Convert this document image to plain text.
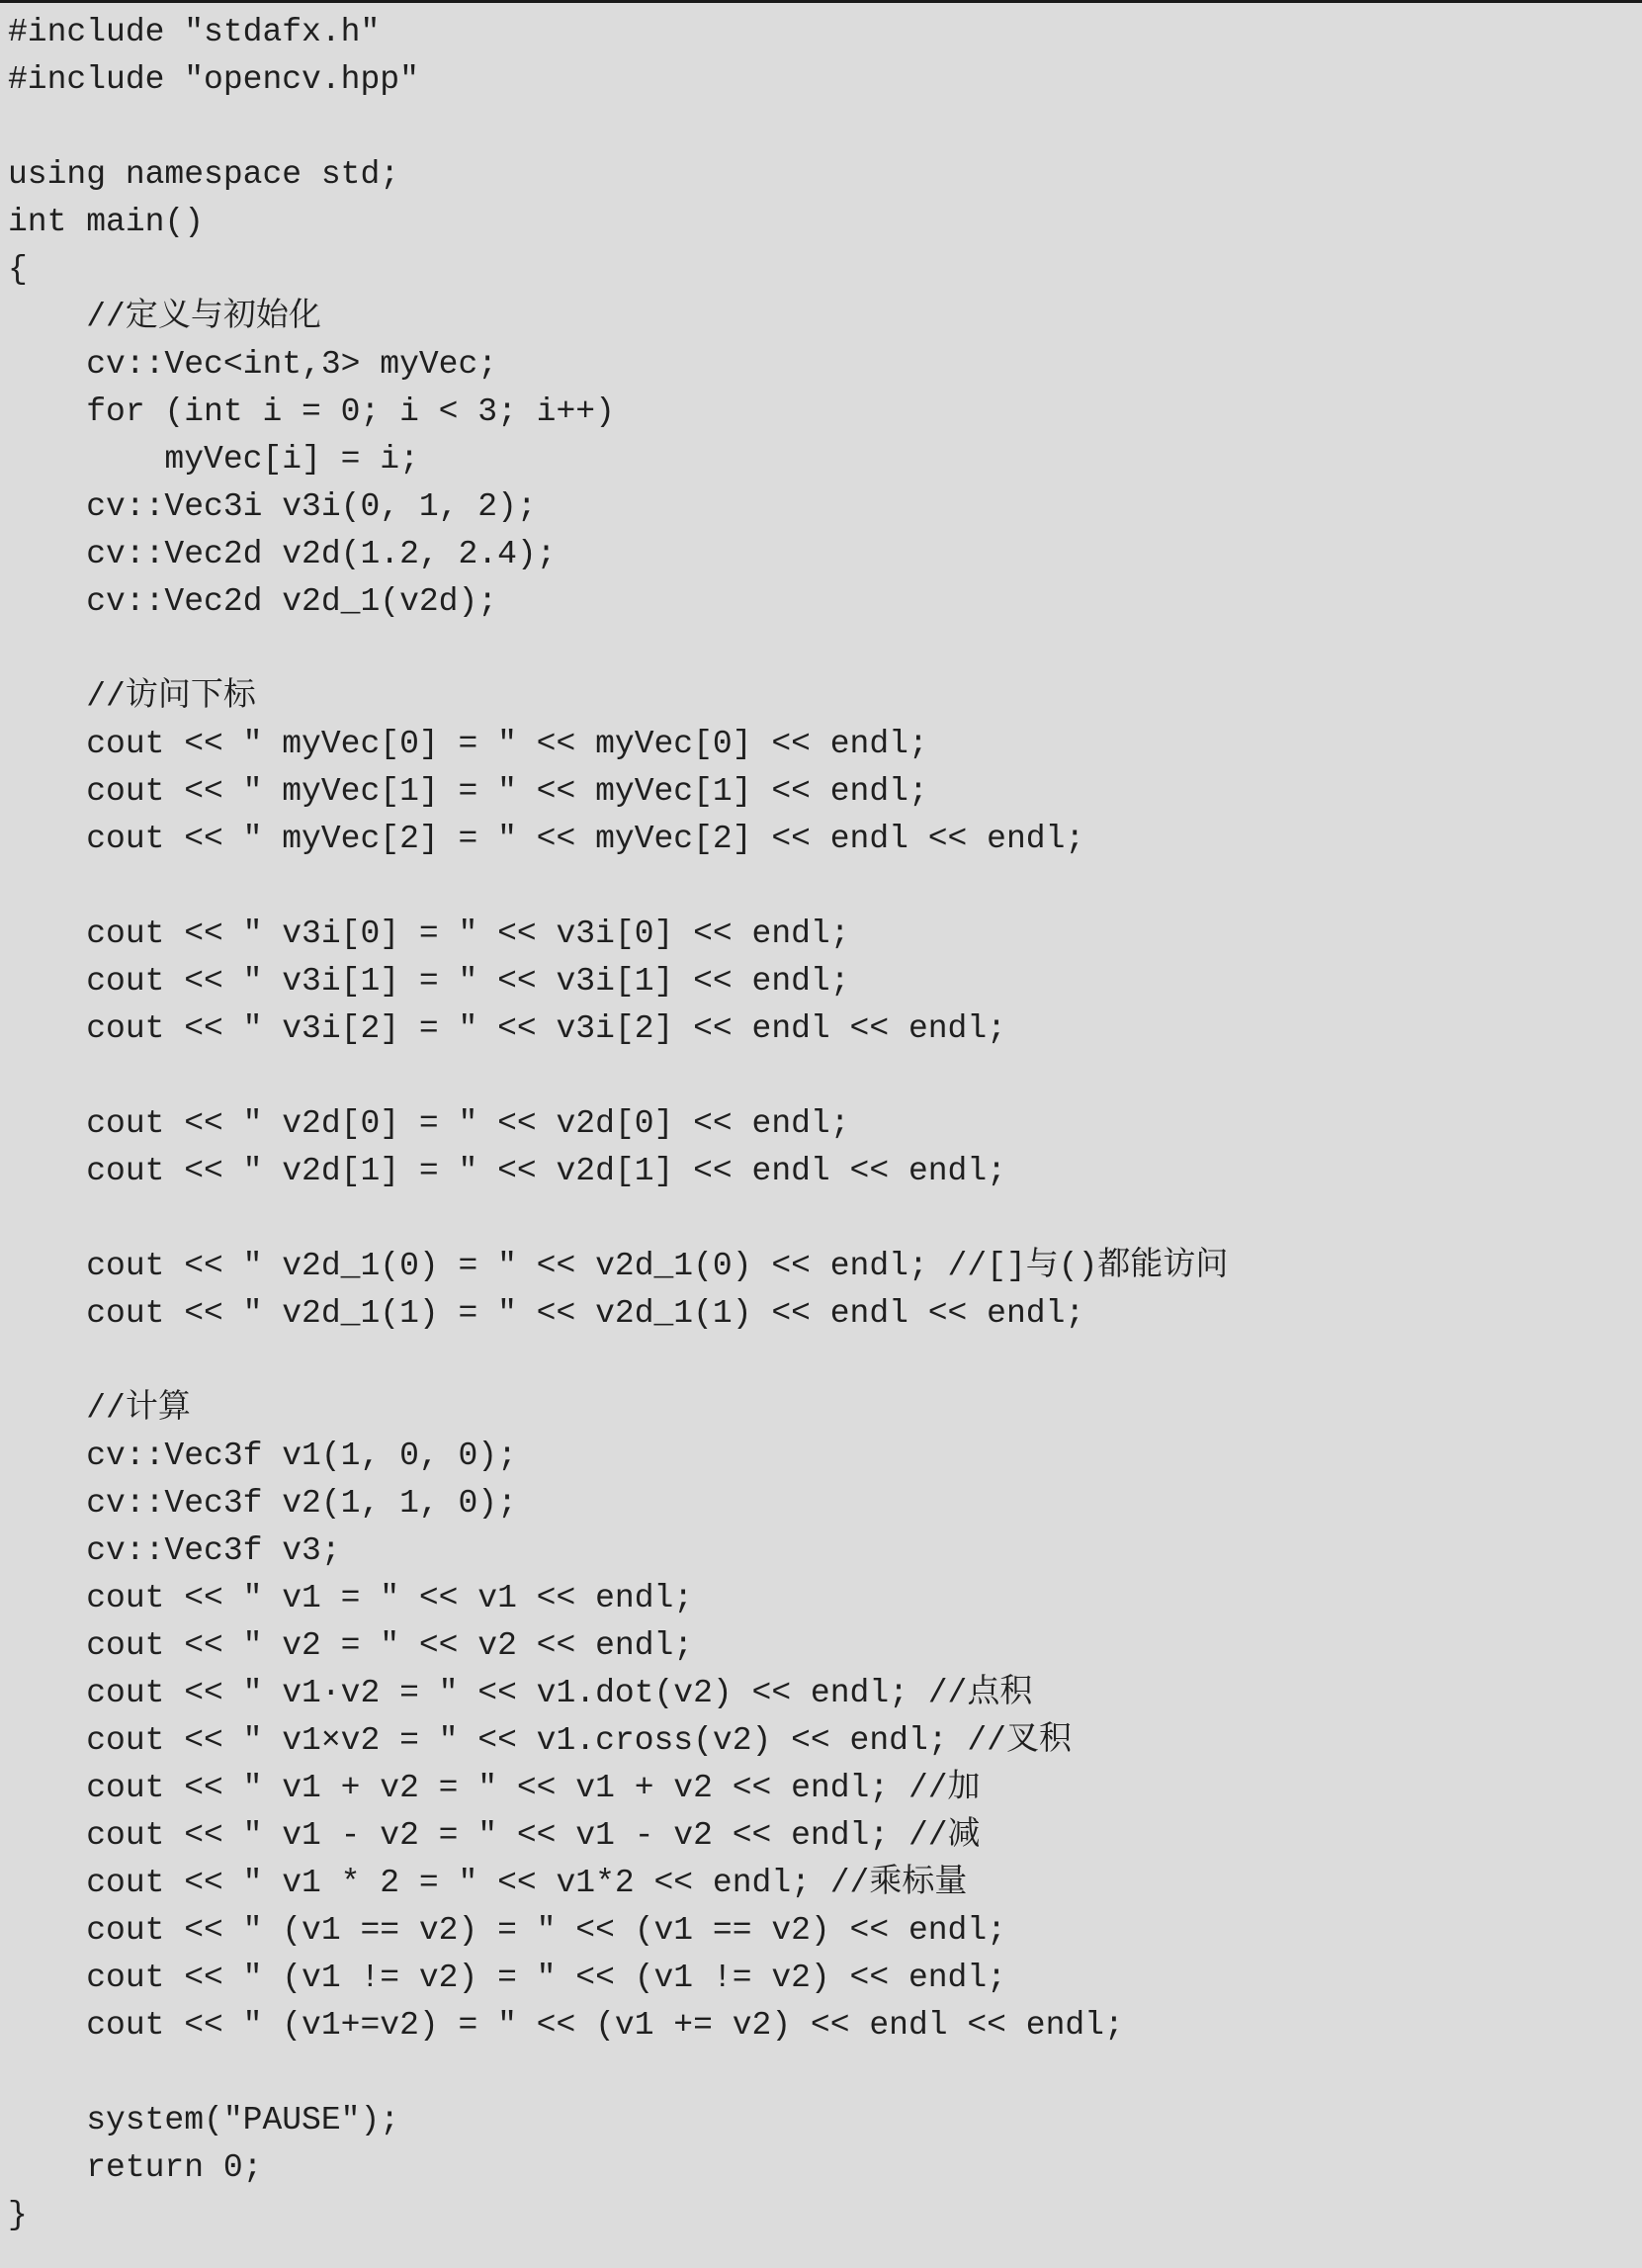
#include "stdafx.h"
#include "opencv.hpp"
using namespace std;
int main()
{
//定义与初始化
cv::Vec<int,3> myVec;
for (int i = 0; i < 3; i++)
myVec[i] = i;
cv::Vec3i v3i(0, 1, 2);
cv::Vec2d v2d(1.2, 2.4);
cv::Vec2d v2d_1(v2d);
//访问下标
cout << " myVec[0] = " << myVec[0] << endl;
cout << " myVec[1] = " << myVec[1] << endl;
cout << " myVec[2] = " << myVec[2] << endl << endl;
cout << " v3i[0] = " << v3i[0] << endl;
cout << " v3i[1] = " << v3i[1] << endl;
cout << " v3i[2] = " << v3i[2] << endl << endl;
cout << " v2d[0] = " << v2d[0] << endl;
cout << " v2d[1] = " << v2d[1] << endl << endl;
cout << " v2d_1(0) = " << v2d_1(0) << endl; //[]与()都能访问
cout << " v2d_1(1) = " << v2d_1(1) << endl << endl;
//计算
cv::Vec3f v1(1, 0, 0);
cv::Vec3f v2(1, 1, 0);
cv::Vec3f v3;
cout << " v1 = " << v1 << endl;
cout << " v2 = " << v2 << endl;
cout << " v1·v2 = " << v1.dot(v2) << endl; //点积
cout << " v1×v2 = " << v1.cross(v2) << endl; //叉积
cout << " v1 + v2 = " << v1 + v2 << endl; //加
cout << " v1 - v2 = " << v1 - v2 << endl; //减
cout << " v1 * 2 = " << v1*2 << endl; //乘标量
cout << " (v1 == v2) = " << (v1 == v2) << endl;
cout << " (v1 != v2) = " << (v1 != v2) << endl;
cout << " (v1+=v2) = " << (v1 += v2) << endl << endl;
system("PAUSE");
return 0;
}
